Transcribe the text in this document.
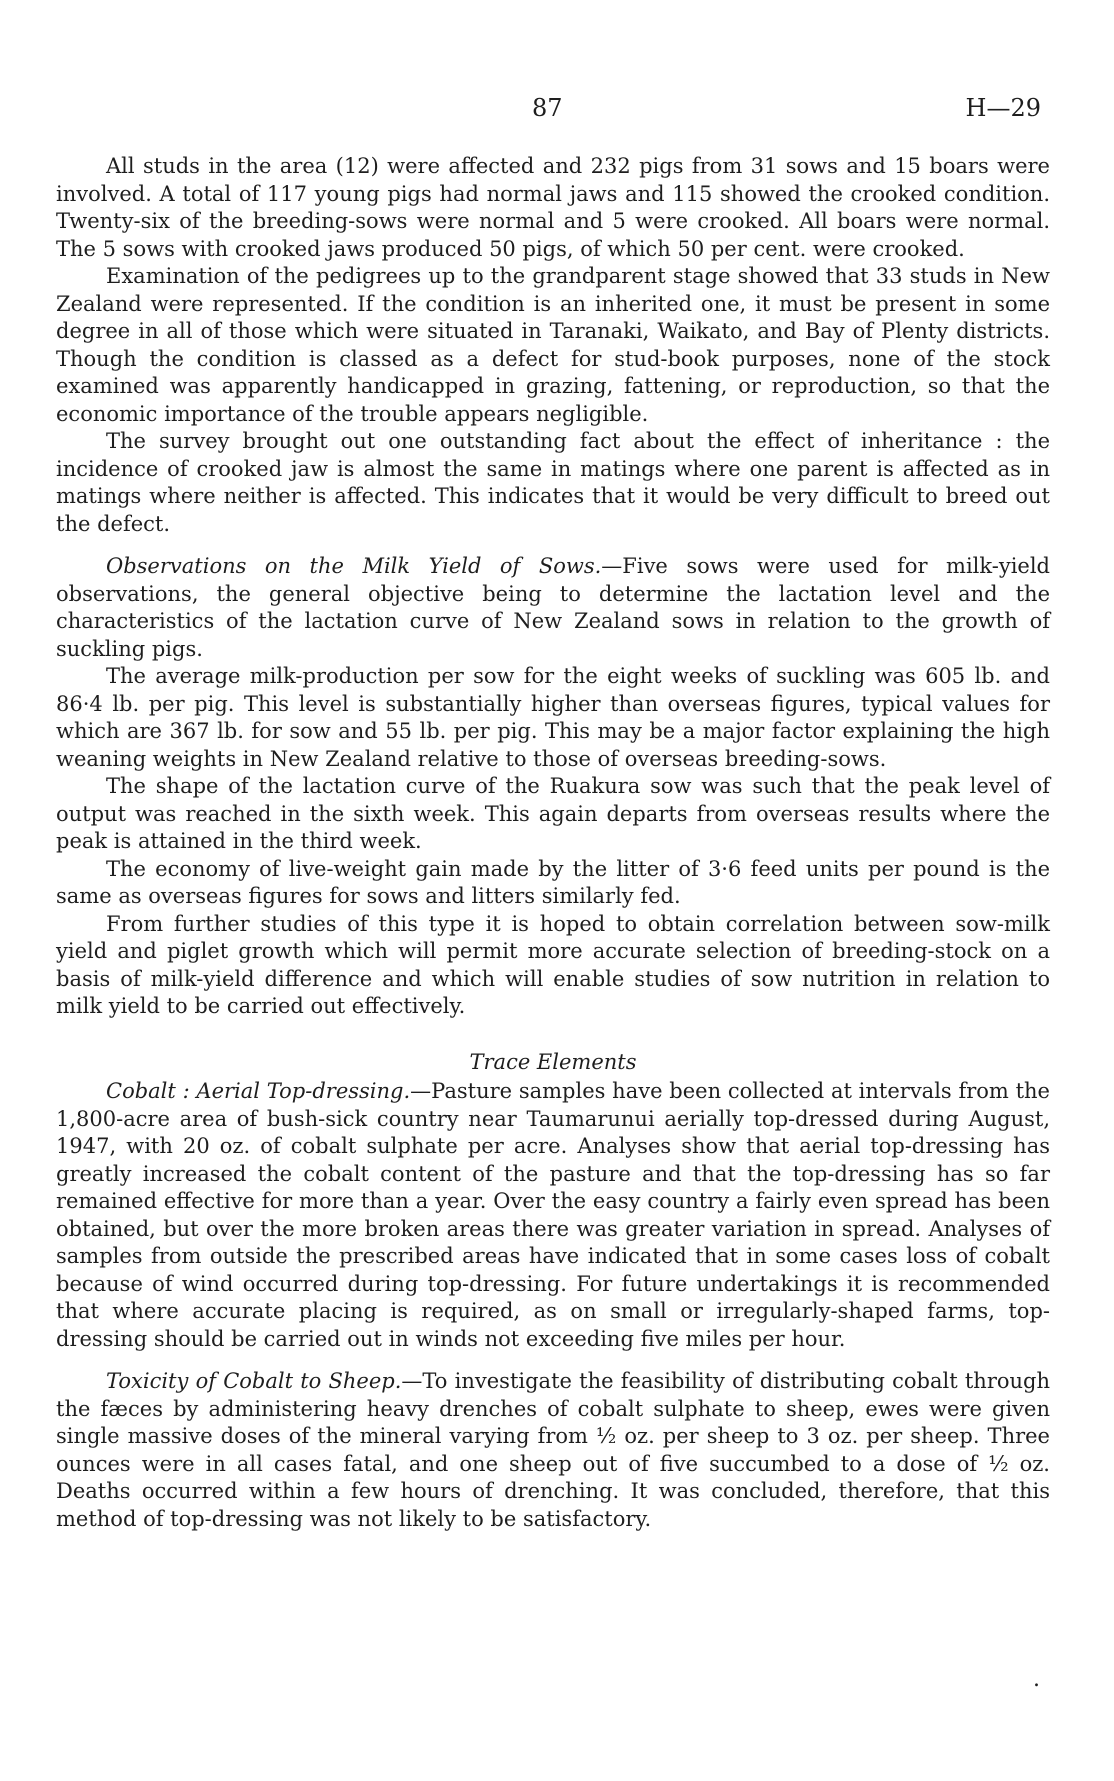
87	H—29

All studs in the area (12) were affected and 232 pigs from 31 sows and 15 boars were involved. A total of 117 young pigs had normal jaws and 115 showed the crooked condition. Twenty-six of the breeding-sows were normal and 5 were crooked. All boars were normal. The 5 sows with crooked jaws produced 50 pigs, of which 50 per cent. were crooked.

Examination of the pedigrees up to the grandparent stage showed that 33 studs in New Zealand were represented. If the condition is an inherited one, it must be present in some degree in all of those which were situated in Taranaki, Waikato, and Bay of Plenty districts. Though the condition is classed as a defect for stud-book purposes, none of the stock examined was apparently handicapped in grazing, fattening, or reproduction, so that the economic importance of the trouble appears negligible.

The survey brought out one outstanding fact about the effect of inheritance : the incidence of crooked jaw is almost the same in matings where one parent is affected as in matings where neither is affected. This indicates that it would be very difficult to breed out the defect.

Observations on the Milk Yield of Sows.—Five sows were used for milk-yield observations, the general objective being to determine the lactation level and the characteristics of the lactation curve of New Zealand sows in relation to the growth of suckling pigs.

The average milk-production per sow for the eight weeks of suckling was 605 lb. and 86·4 lb. per pig. This level is substantially higher than overseas figures, typical values for which are 367 lb. for sow and 55 lb. per pig. This may be a major factor explaining the high weaning weights in New Zealand relative to those of overseas breeding-sows.

The shape of the lactation curve of the Ruakura sow was such that the peak level of output was reached in the sixth week. This again departs from overseas results where the peak is attained in the third week.

The economy of live-weight gain made by the litter of 3·6 feed units per pound is the same as overseas figures for sows and litters similarly fed.

From further studies of this type it is hoped to obtain correlation between sow-milk yield and piglet growth which will permit more accurate selection of breeding-stock on a basis of milk-yield difference and which will enable studies of sow nutrition in relation to milk yield to be carried out effectively.

Trace Elements

Cobalt : Aerial Top-dressing.—Pasture samples have been collected at intervals from the 1,800-acre area of bush-sick country near Taumarunui aerially top-dressed during August, 1947, with 20 oz. of cobalt sulphate per acre. Analyses show that aerial top-dressing has greatly increased the cobalt content of the pasture and that the top-dressing has so far remained effective for more than a year. Over the easy country a fairly even spread has been obtained, but over the more broken areas there was greater variation in spread. Analyses of samples from outside the prescribed areas have indicated that in some cases loss of cobalt because of wind occurred during top-dressing. For future undertakings it is recommended that where accurate placing is required, as on small or irregularly-shaped farms, top-dressing should be carried out in winds not exceeding five miles per hour.

Toxicity of Cobalt to Sheep.—To investigate the feasibility of distributing cobalt through the fæces by administering heavy drenches of cobalt sulphate to sheep, ewes were given single massive doses of the mineral varying from ½ oz. per sheep to 3 oz. per sheep. Three ounces were in all cases fatal, and one sheep out of five succumbed to a dose of ½ oz. Deaths occurred within a few hours of drenching. It was concluded, therefore, that this method of top-dressing was not likely to be satisfactory.

.
